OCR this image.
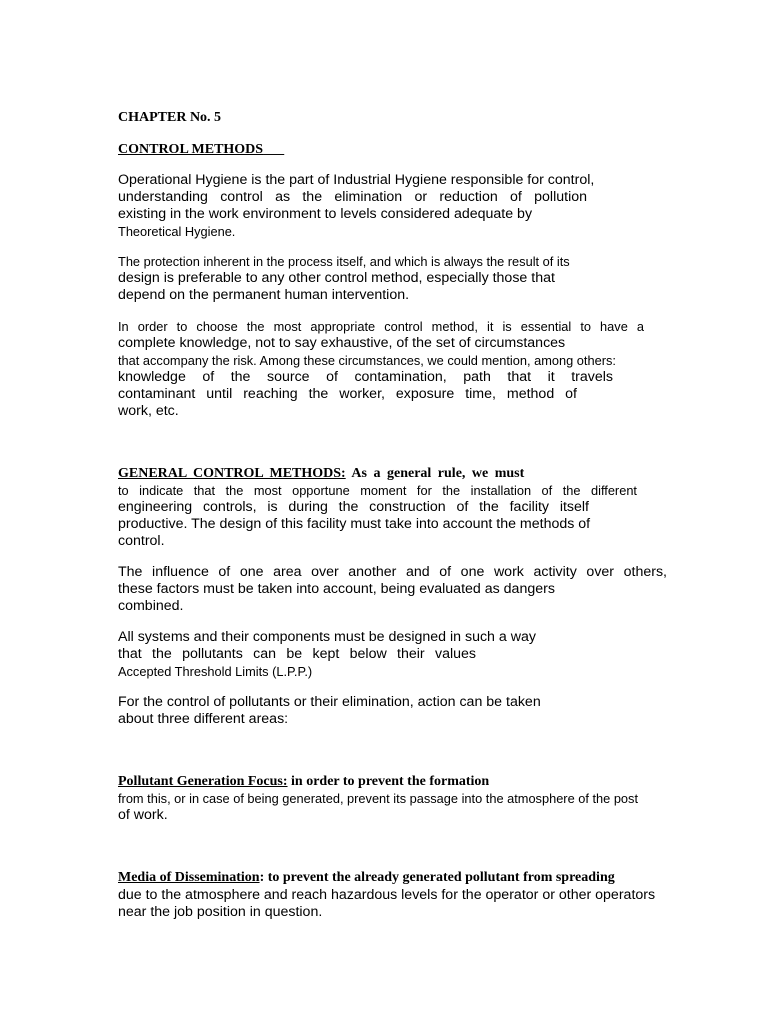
CHAPTER No. 5
CONTROL METHODS___
Operational Hygiene is the part of Industrial Hygiene responsible for control,
understanding control as the elimination or reduction of pollution
existing in the work environment to levels considered adequate by
Theoretical Hygiene.
The protection inherent in the process itself, and which is always the result of its
design is preferable to any other control method, especially those that
depend on the permanent human intervention.
In order to choose the most appropriate control method, it is essential to have a
complete knowledge, not to say exhaustive, of the set of circumstances
that accompany the risk. Among these circumstances, we could mention, among others:
knowledge of the source of contamination, path that it travels
contaminant until reaching the worker, exposure time, method of
work, etc.
GENERAL CONTROL METHODS: As a general rule, we must
to indicate that the most opportune moment for the installation of the different
engineering controls, is during the construction of the facility itself
productive. The design of this facility must take into account the methods of
control.
The influence of one area over another and of one work activity over others,
these factors must be taken into account, being evaluated as dangers
combined.
All systems and their components must be designed in such a way
that the pollutants can be kept below their values
Accepted Threshold Limits (L.P.P.)
For the control of pollutants or their elimination, action can be taken
about three different areas:
Pollutant Generation Focus: in order to prevent the formation
from this, or in case of being generated, prevent its passage into the atmosphere of the post
of work.
Media of Dissemination: to prevent the already generated pollutant from spreading
due to the atmosphere and reach hazardous levels for the operator or other operators
near the job position in question.
